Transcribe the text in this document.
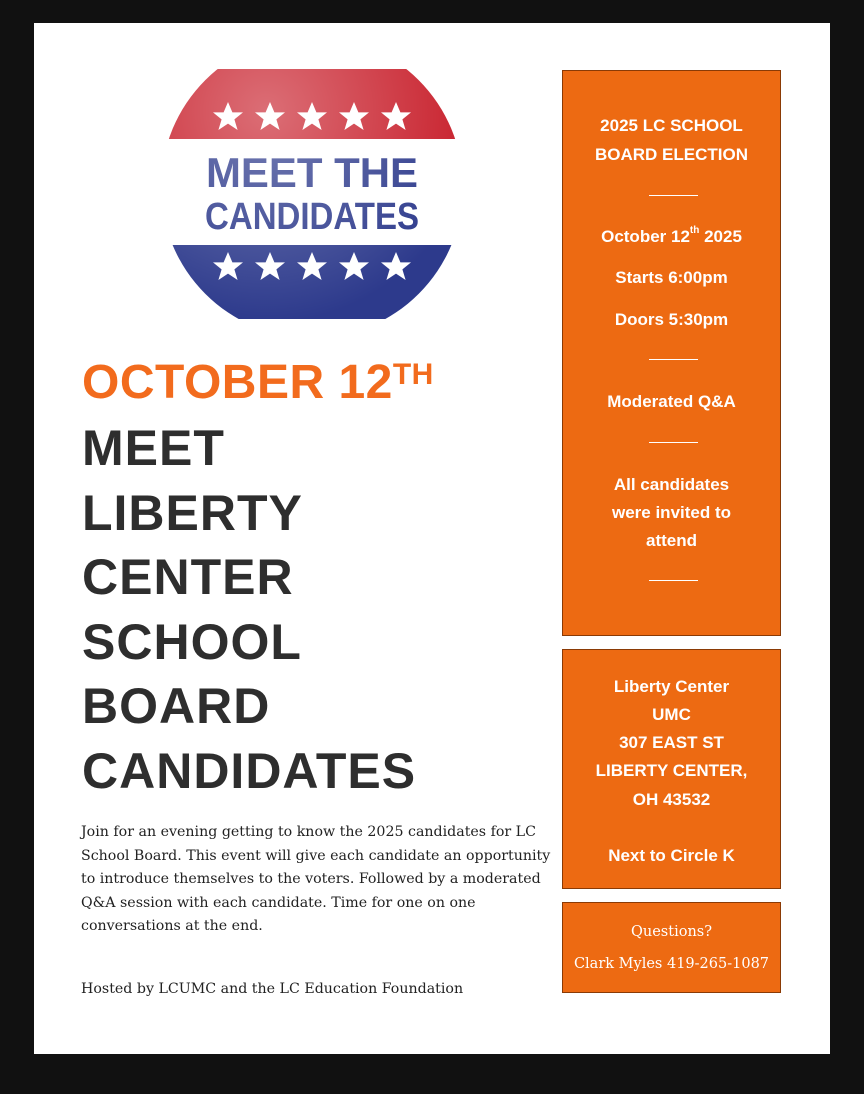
OCTOBER 12TH
MEET
LIBERTY
CENTER
SCHOOL
BOARD
CANDIDATES
Join for an evening getting to know the 2025 candidates for LC School Board. This event will give each candidate an opportunity to introduce themselves to the voters. Followed by a moderated Q&A session with each candidate. Time for one on one conversations at the end.
Hosted by LCUMC and the LC Education Foundation
2025 LC SCHOOL
BOARD ELECTION
October 12th 2025
Starts 6:00pm
Doors 5:30pm
Moderated Q&A
All candidates
were invited to
attend
Liberty Center
UMC
307 EAST ST
LIBERTY CENTER,
OH 43532
Next to Circle K
Questions?
Clark Myles 419-265-1087
